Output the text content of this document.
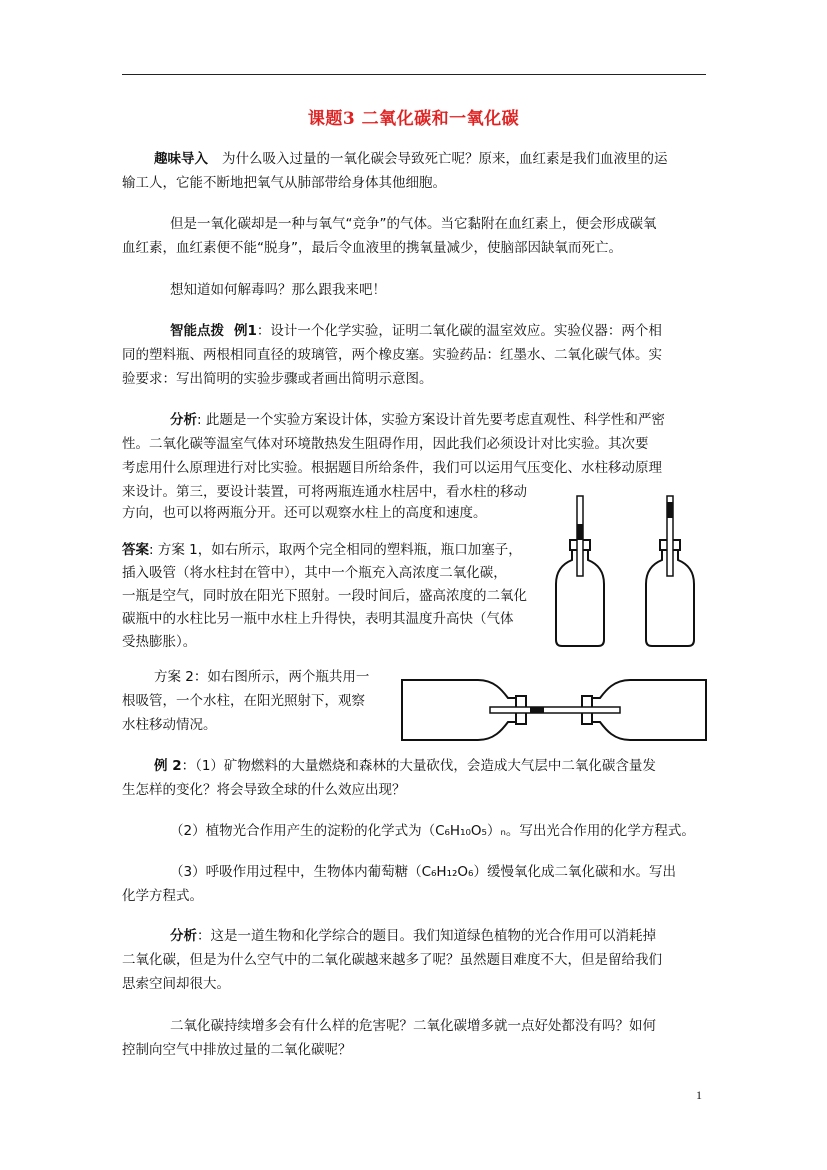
课题3 二氧化碳和一氧化碳
趣味导入 为什么吸入过量的一氧化碳会导致死亡呢？原来，血红素是我们血液里的运
输工人，它能不断地把氧气从肺部带给身体其他细胞。
但是一氧化碳却是一种与氧气“竞争”的气体。当它黏附在血红素上，便会形成碳氧
血红素，血红素便不能“脱身”，最后令血液里的携氧量减少，使脑部因缺氧而死亡。
想知道如何解毒吗？那么跟我来吧！
智能点拨 例1：设计一个化学实验，证明二氧化碳的温室效应。实验仪器：两个相
同的塑料瓶、两根相同直径的玻璃管，两个橡皮塞。实验药品：红墨水、二氧化碳气体。实
验要求：写出简明的实验步骤或者画出简明示意图。
分析: 此题是一个实验方案设计体，实验方案设计首先要考虑直观性、科学性和严密
性。二氧化碳等温室气体对环境散热发生阻碍作用，因此我们必须设计对比实验。其次要
考虑用什么原理进行对比实验。根据题目所给条件，我们可以运用气压变化、水柱移动原理
来设计。第三，要设计装置，可将两瓶连通水柱居中，看水柱的移动
方向，也可以将两瓶分开。还可以观察水柱上的高度和速度。
答案: 方案 1，如右所示，取两个完全相同的塑料瓶，瓶口加塞子，
插入吸管（将水柱封在管中），其中一个瓶充入高浓度二氧化碳，
一瓶是空气，同时放在阳光下照射。一段时间后，盛高浓度的二氧化
碳瓶中的水柱比另一瓶中水柱上升得快，表明其温度升高快（气体
受热膨胀）。
方案 2：如右图所示，两个瓶共用一
根吸管，一个水柱，在阳光照射下，观察
水柱移动情况。
例 2：（1）矿物燃料的大量燃烧和森林的大量砍伐，会造成大气层中二氧化碳含量发
生怎样的变化？将会导致全球的什么效应出现？
（2）植物光合作用产生的淀粉的化学式为（C₆H₁₀O₅）ₙ。写出光合作用的化学方程式。
（3）呼吸作用过程中，生物体内葡萄糖（C₆H₁₂O₆）缓慢氧化成二氧化碳和水。写出
化学方程式。
分析：这是一道生物和化学综合的题目。我们知道绿色植物的光合作用可以消耗掉
二氧化碳，但是为什么空气中的二氧化碳越来越多了呢？虽然题目难度不大，但是留给我们
思索空间却很大。
二氧化碳持续增多会有什么样的危害呢？二氧化碳增多就一点好处都没有吗？如何
控制向空气中排放过量的二氧化碳呢？
1
